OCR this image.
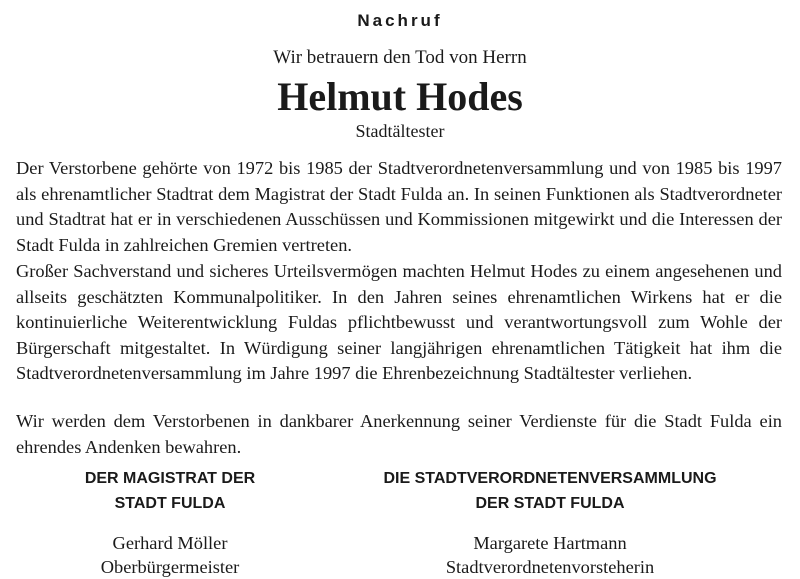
Nachruf
Wir betrauern den Tod von Herrn
Helmut Hodes
Stadtältester

Der Verstorbene gehörte von 1972 bis 1985 der Stadtverordnetenversammlung und von 1985 bis 1997 als ehrenamtlicher Stadtrat dem Magistrat der Stadt Fulda an. In seinen Funktionen als Stadtverordneter und Stadtrat hat er in verschiedenen Ausschüssen und Kommissionen mitgewirkt und die Interessen der Stadt Fulda in zahlreichen Gremien vertreten.

Großer Sachverstand und sicheres Urteilsvermögen machten Helmut Hodes zu einem angesehenen und allseits geschätzten Kommunalpolitiker. In den Jahren seines ehrenamtlichen Wirkens hat er die kontinuierliche Weiterentwicklung Fuldas pflichtbewusst und verantwortungsvoll zum Wohle der Bürgerschaft mitgestaltet. In Würdigung seiner langjährigen ehrenamtlichen Tätigkeit hat ihm die Stadtverordnetenversammlung im Jahre 1997 die Ehrenbezeichnung Stadtältester verliehen.

Wir werden dem Verstorbenen in dankbarer Anerkennung seiner Verdienste für die Stadt Fulda ein ehrendes Andenken bewahren.

DER MAGISTRAT DER
STADT FULDA
Gerhard Möller
Oberbürgermeister
DIE STADTVERORDNETENVERSAMMLUNG
DER STADT FULDA
Margarete Hartmann
Stadtverordnetenvorsteherin
